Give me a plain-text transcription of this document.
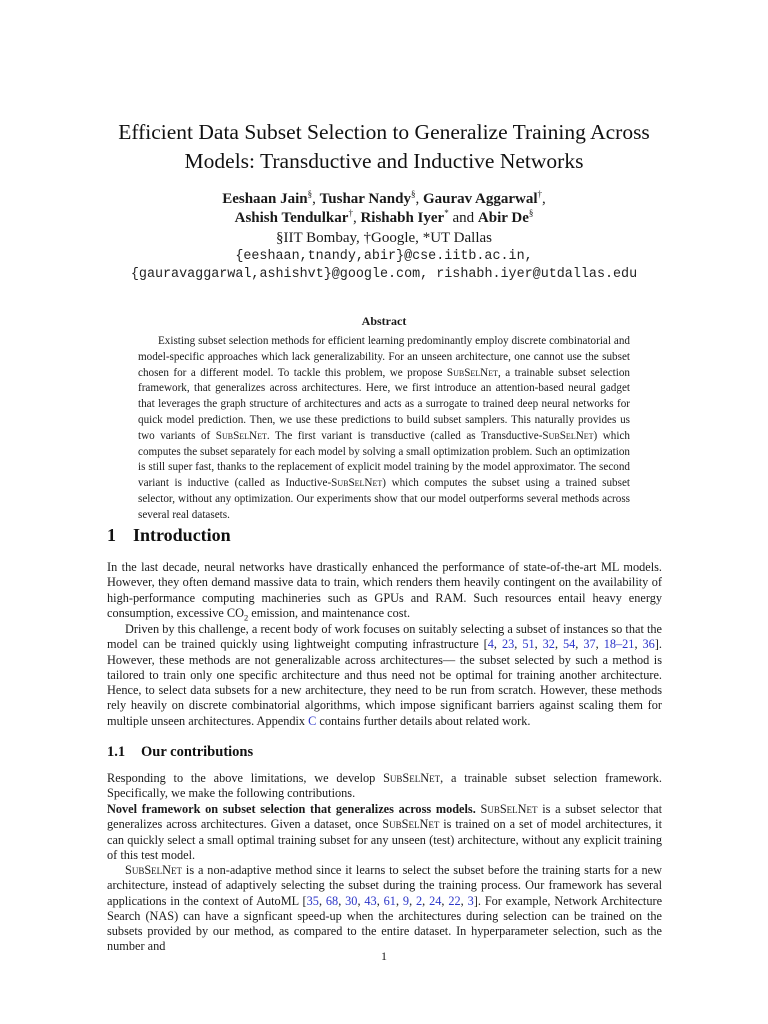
Efficient Data Subset Selection to Generalize Training Across
Models: Transductive and Inductive Networks
Eeshaan Jain§, Tushar Nandy§, Gaurav Aggarwal†,
Ashish Tendulkar†, Rishabh Iyer* and Abir De§
§IIT Bombay, †Google, *UT Dallas
{eeshaan,tnandy,abir}@cse.iitb.ac.in,
{gauravaggarwal,ashishvt}@google.com, rishabh.iyer@utdallas.edu
Abstract

Existing subset selection methods for efficient learning predominantly employ discrete combinatorial and model-specific approaches which lack generalizability. For an unseen architecture, one cannot use the subset chosen for a different model. To tackle this problem, we propose SubSelNet, a trainable subset selection framework, that generalizes across architectures. Here, we first introduce an attention-based neural gadget that leverages the graph structure of architectures and acts as a surrogate to trained deep neural networks for quick model prediction. Then, we use these predictions to build subset samplers. This naturally provides us two variants of SubSelNet. The first variant is transductive (called as Transductive-SubSelNet) which computes the subset separately for each model by solving a small optimization problem. Such an optimization is still super fast, thanks to the replacement of explicit model training by the model approximator. The second variant is inductive (called as Inductive-SubSelNet) which computes the subset using a trained subset selector, without any optimization. Our experiments show that our model outperforms several methods across several real datasets.

1 Introduction

In the last decade, neural networks have drastically enhanced the performance of state-of-the-art ML models. However, they often demand massive data to train, which renders them heavily contingent on the availability of high-performance computing machineries such as GPUs and RAM. Such resources entail heavy energy consumption, excessive $CO_2$ emission, and maintenance cost.

Driven by this challenge, a recent body of work focuses on suitably selecting a subset of instances so that the model can be trained quickly using lightweight computing infrastructure [4, 23, 51, 32, 54, 37, 18–21, 36]. However, these methods are not generalizable across architectures— the subset selected by such a method is tailored to train only one specific architecture and thus need not be optimal for training another architecture. Hence, to select data subsets for a new architecture, they need to be run from scratch. However, these methods rely heavily on discrete combinatorial algorithms, which impose significant barriers against scaling them for multiple unseen architectures. Appendix C contains further details about related work.

1.1 Our contributions

Responding to the above limitations, we develop SubSelNet, a trainable subset selection framework. Specifically, we make the following contributions.

Novel framework on subset selection that generalizes across models. SubSelNet is a subset selector that generalizes across architectures. Given a dataset, once SubSelNet is trained on a set of model architectures, it can quickly select a small optimal training subset for any unseen (test) architecture, without any explicit training of this test model.

SubSelNet is a non-adaptive method since it learns to select the subset before the training starts for a new architecture, instead of adaptively selecting the subset during the training process. Our framework has several applications in the context of AutoML [35, 68, 30, 43, 61, 9, 2, 24, 22, 3]. For example, Network Architecture Search (NAS) can have a signficant speed-up when the architectures during selection can be trained on the subsets provided by our method, as compared to the entire dataset. In hyperparameter selection, such as the number and

1
